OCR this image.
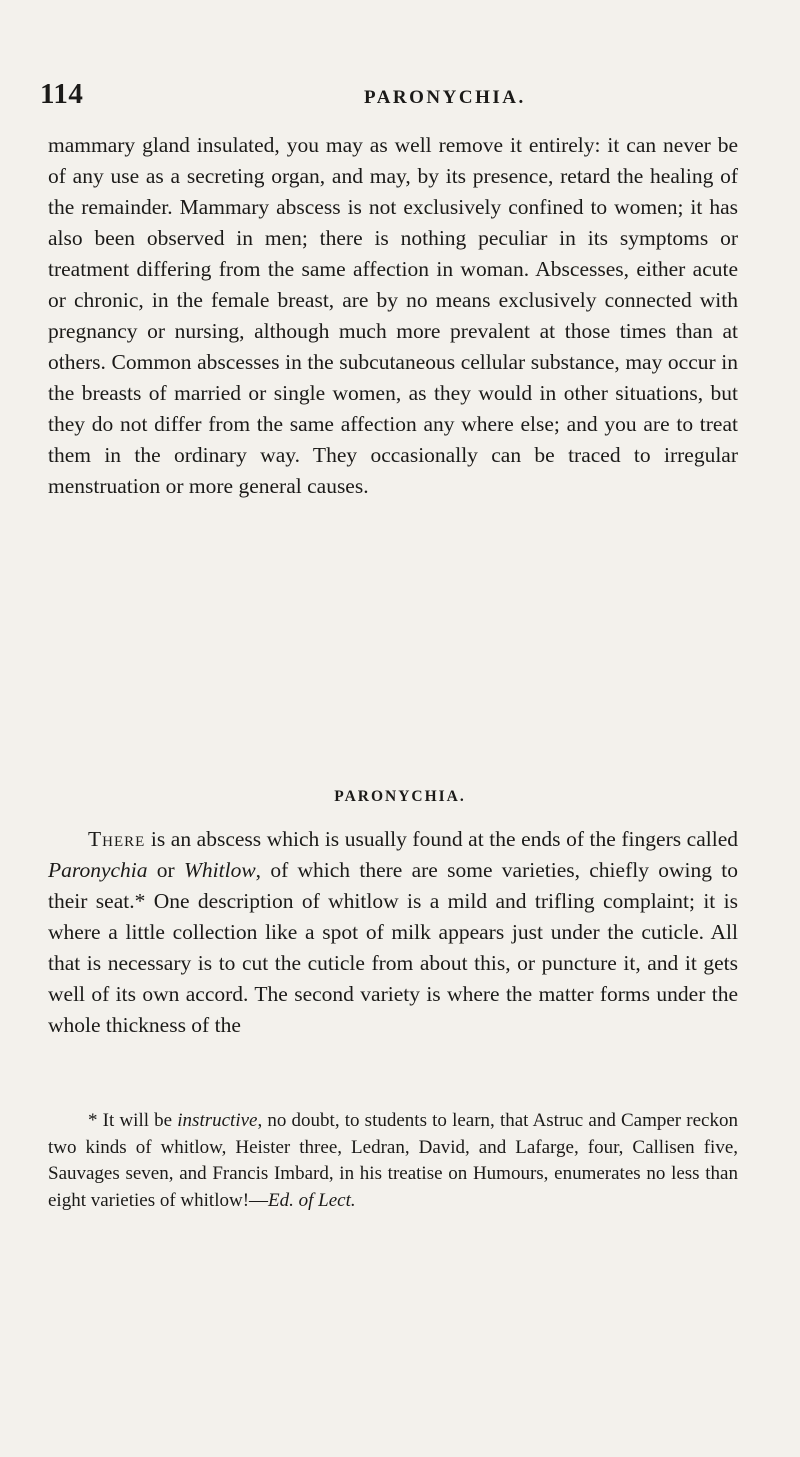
114	PARONYCHIA.

mammary gland insulated, you may as well remove it entirely: it can never be of any use as a secreting organ, and may, by its presence, retard the healing of the remainder. Mammary abscess is not exclusively confined to women; it has also been observed in men; there is nothing peculiar in its symptoms or treatment differing from the same affection in woman. Abscesses, either acute or chronic, in the female breast, are by no means exclusively connected with pregnancy or nursing, although much more prevalent at those times than at others. Common abscesses in the subcutaneous cellular substance, may occur in the breasts of married or single women, as they would in other situations, but they do not differ from the same affection any where else; and you are to treat them in the ordinary way. They occasionally can be traced to irregular menstruation or more general causes.

PARONYCHIA.

There is an abscess which is usually found at the ends of the fingers called Paronychia or Whitlow, of which there are some varieties, chiefly owing to their seat.* One description of whitlow is a mild and trifling complaint; it is where a little collection like a spot of milk appears just under the cuticle. All that is necessary is to cut the cuticle from about this, or puncture it, and it gets well of its own accord. The second variety is where the matter forms under the whole thickness of the

* It will be instructive, no doubt, to students to learn, that Astruc and Camper reckon two kinds of whitlow, Heister three, Ledran, David, and Lafarge, four, Callisen five, Sauvages seven, and Francis Imbard, in his treatise on Humours, enumerates no less than eight varieties of whitlow!—Ed. of Lect.
